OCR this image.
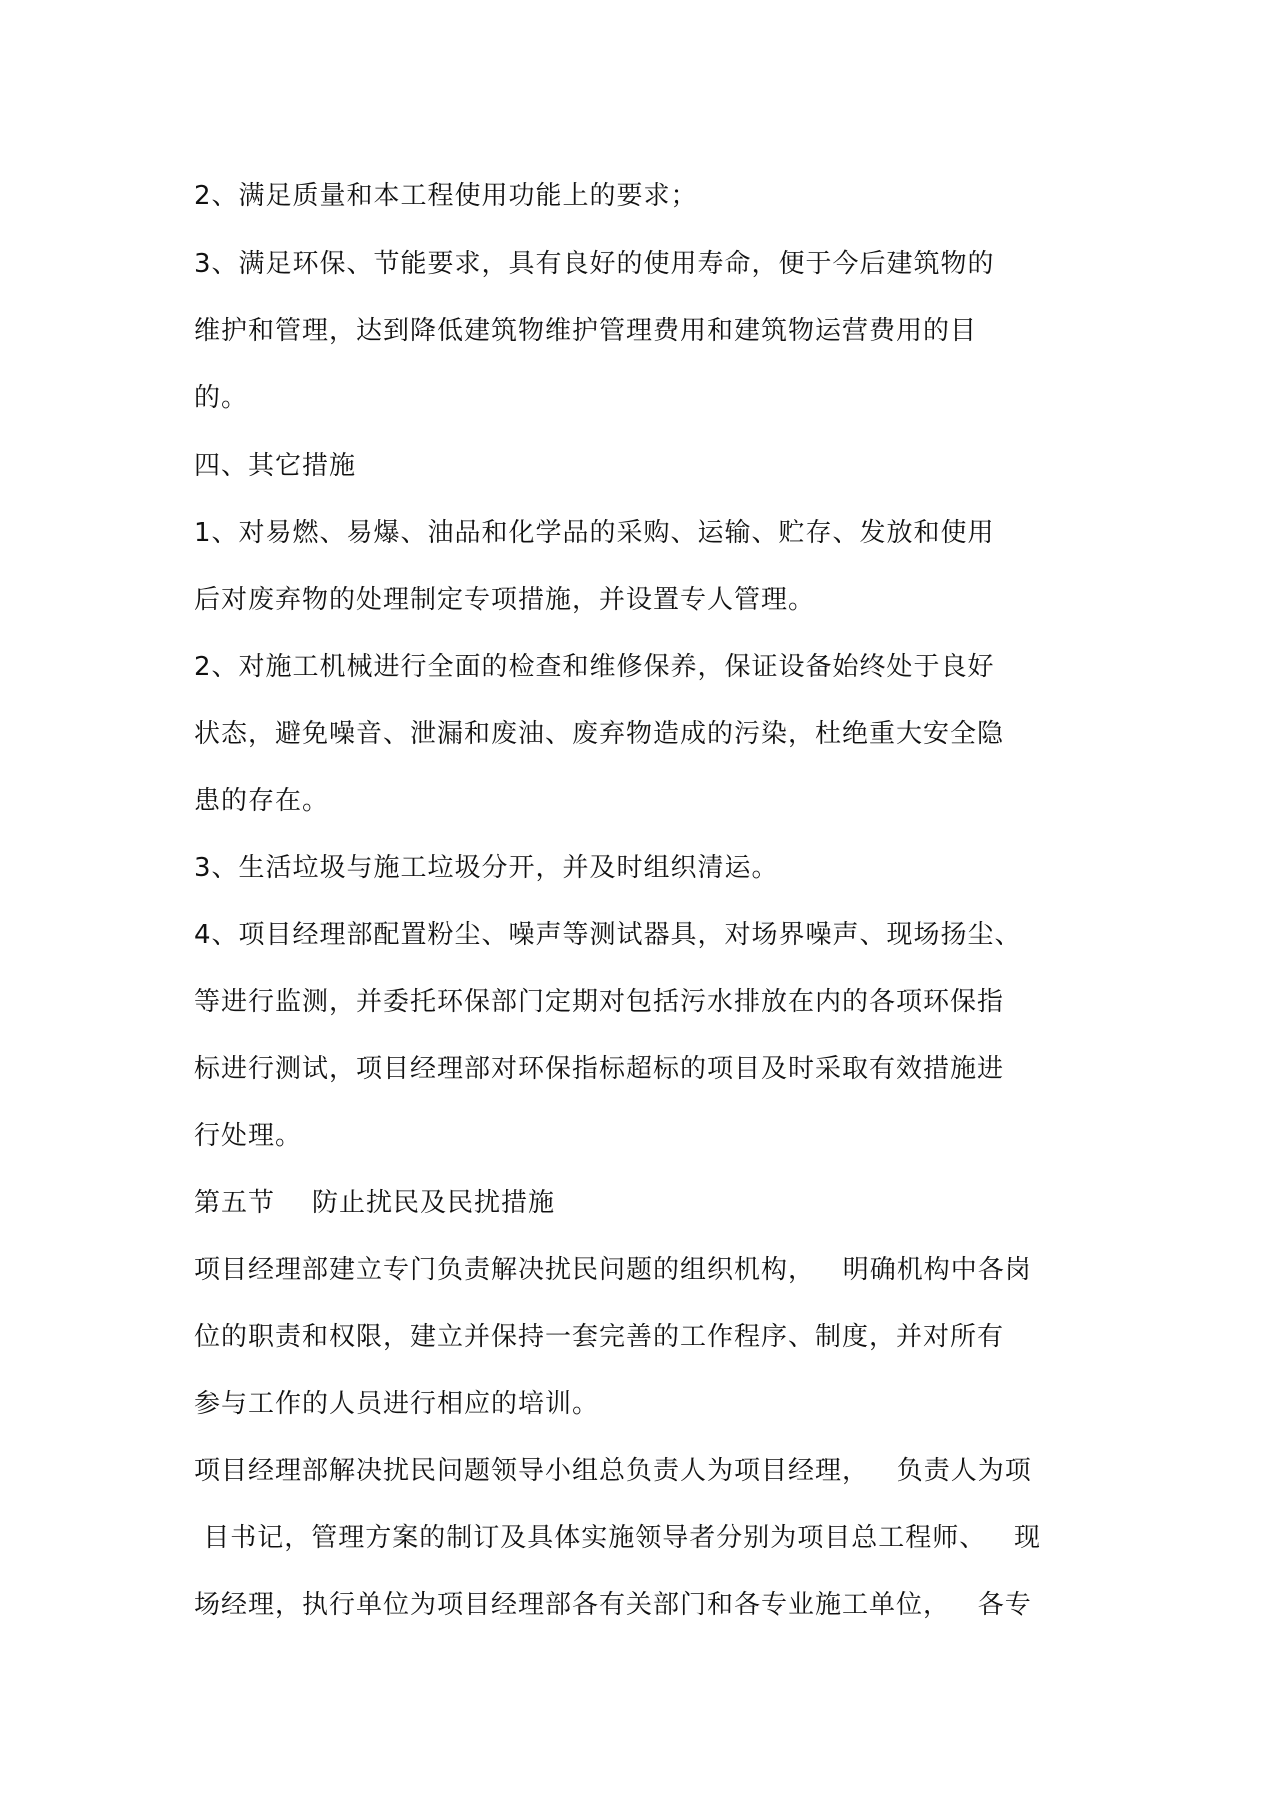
2、满足质量和本工程使用功能上的要求；
3、满足环保、节能要求，具有良好的使用寿命，便于今后建筑物的
维护和管理，达到降低建筑物维护管理费用和建筑物运营费用的目
的。
四、其它措施
1、对易燃、易爆、油品和化学品的采购、运输、贮存、发放和使用
后对废弃物的处理制定专项措施，并设置专人管理。
2、对施工机械进行全面的检查和维修保养，保证设备始终处于良好
状态，避免噪音、泄漏和废油、废弃物造成的污染，杜绝重大安全隐
患的存在。
3、生活垃圾与施工垃圾分开，并及时组织清运。
4、项目经理部配置粉尘、噪声等测试器具，对场界噪声、现场扬尘、
等进行监测，并委托环保部门定期对包括污水排放在内的各项环保指
标进行测试，项目经理部对环保指标超标的项目及时采取有效措施进
行处理。
第五节    防止扰民及民扰措施
项目经理部建立专门负责解决扰民问题的组织机构，   明确机构中各岗
位的职责和权限，建立并保持一套完善的工作程序、制度，并对所有
参与工作的人员进行相应的培训。
项目经理部解决扰民问题领导小组总负责人为项目经理，   负责人为项
目书记，管理方案的制订及具体实施领导者分别为项目总工程师、   现
场经理，执行单位为项目经理部各有关部门和各专业施工单位，   各专
